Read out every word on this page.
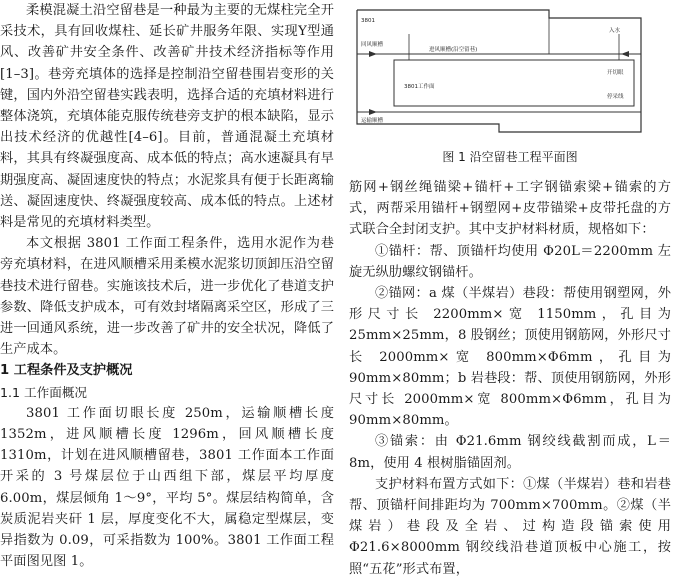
柔模混凝土沿空留巷是一种最为主要的无煤柱完全开采技术，具有回收煤柱、延长矿井服务年限、实现Y型通风、改善矿井安全条件、改善矿井技术经济指标等作用[1–3]。巷旁充填体的选择是控制沿空留巷围岩变形的关键，国内外沿空留巷实践表明，选择合适的充填材料进行整体浇筑，充填体能克服传统巷旁支护的根本缺陷，显示出技术经济的优越性[4–6]。目前，普通混凝土充填材料，其具有终凝强度高、成本低的特点；高水速凝具有早期强度高、凝固速度快的特点；水泥浆具有便于长距离输送、凝固速度快、终凝强度较高、成本低的特点。上述材料是常见的充填材料类型。

本文根据 3801 工作面工程条件，选用水泥作为巷旁充填材料，在进风顺槽采用柔模水泥浆切顶卸压沿空留巷技术进行留巷。实施该技术后，进一步优化了巷道支护参数、降低支护成本，可有效封堵隔离采空区，形成了三进一回通风系统，进一步改善了矿井的安全状况，降低了生产成本。

1 工程条件及支护概况

1.1 工作面概况

3801 工作面切眼长度 250m，运输顺槽长度 1352m，进风顺槽长度 1296m，回风顺槽长度 1310m，计划在进风顺槽留巷，3801 工作面本工作面开采的 3 号煤层位于山西组下部，煤层平均厚度 6.00m，煤层倾角 1～9°，平均 5°。煤层结构简单，含炭质泥岩夹矸 1 层，厚度变化不大，属稳定型煤层，变异指数为 0.09，可采指数为 100%。3801 工作面工程平面图见图 1。

3801
回风顺槽
进风顺槽(沿空留巷)
3801工作面
运输顺槽
开切眼
入水
停采线
图 1 沿空留巷工程平面图

筋网+钢丝绳锚梁+锚杆+工字钢锚索梁+锚索的方式，两帮采用锚杆+钢塑网+皮带锚梁+皮带托盘的方式联合全封闭支护。其中支护材料材质，规格如下：

①锚杆：帮、顶锚杆均使用 Φ20L＝2200mm 左旋无纵肋螺纹钢锚杆。

②锚网：a 煤（半煤岩）巷段：帮使用钢塑网，外形尺寸长 2200mm×宽 1150mm，孔目为 25mm×25mm，8 股钢丝；顶使用钢筋网，外形尺寸长 2000mm×宽 800mm×Φ6mm，孔目为 90mm×80mm；b 岩巷段：帮、顶使用钢筋网，外形尺寸长 2000mm×宽 800mm×Φ6mm，孔目为 90mm×80mm。

③锚索：由 Φ21.6mm 钢绞线截割而成，L＝8m，使用 4 根树脂锚固剂。

支护材料布置方式如下：①煤（半煤岩）巷和岩巷帮、顶锚杆间排距均为 700mm×700mm。②煤（半煤岩）巷段及全岩、过构造段锚索使用 Φ21.6×8000mm 钢绞线沿巷道顶板中心施工，按照“五花”形式布置，
